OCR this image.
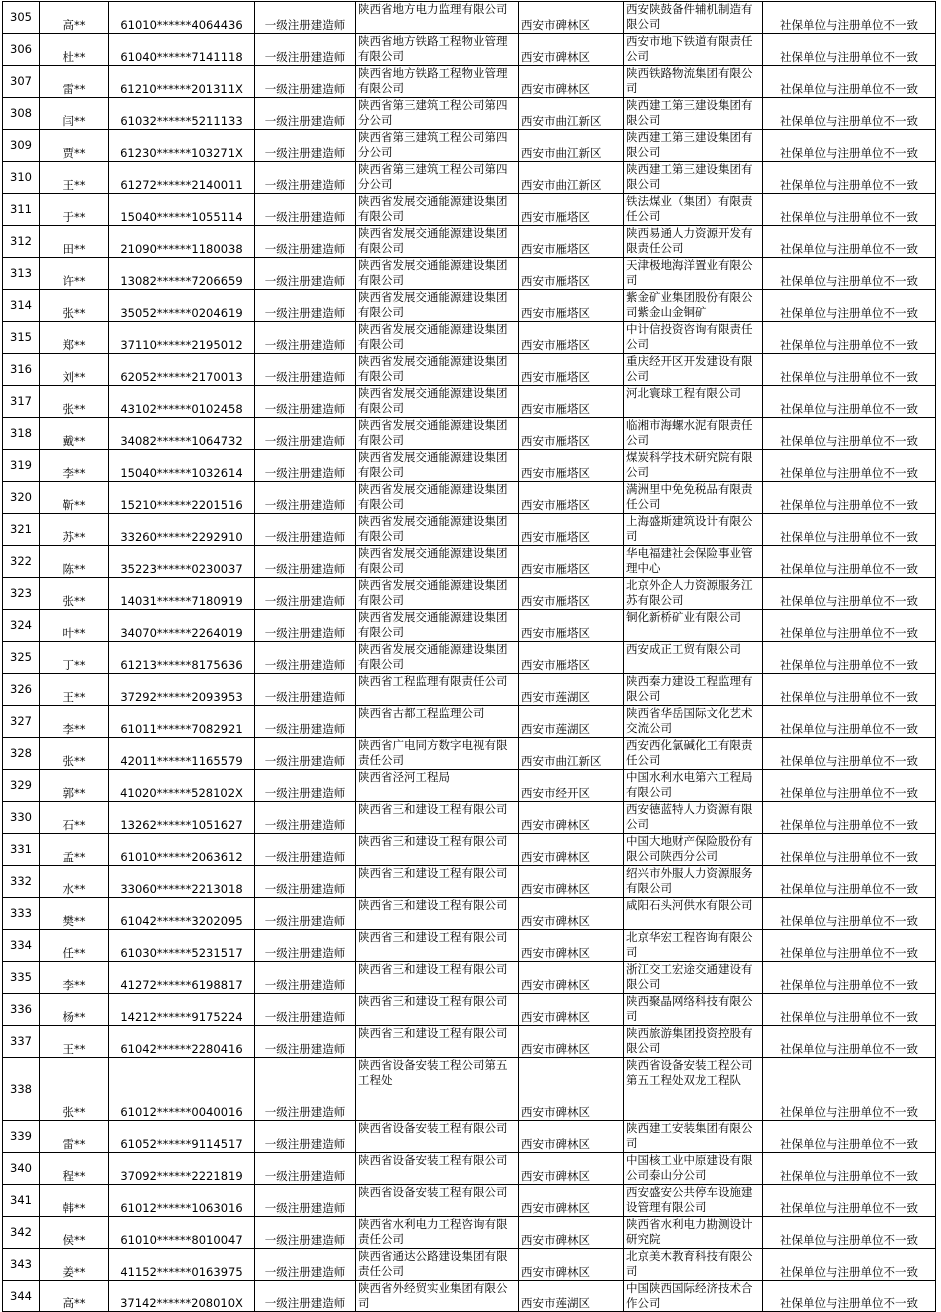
305	高**	61010******4064436	一级注册建造师	陕西省地方电力监理有限公司	西安市碑林区	西安陕鼓备件辅机制造有限公司	社保单位与注册单位不一致
306	杜**	61040******7141118	一级注册建造师	陕西省地方铁路工程物业管理有限公司	西安市碑林区	西安市地下铁道有限责任公司	社保单位与注册单位不一致
307	雷**	61210******201311X	一级注册建造师	陕西省地方铁路工程物业管理有限公司	西安市碑林区	陕西铁路物流集团有限公司	社保单位与注册单位不一致
308	闫**	61032******5211133	一级注册建造师	陕西省第三建筑工程公司第四分公司	西安市曲江新区	陕西建工第三建设集团有限公司	社保单位与注册单位不一致
309	贾**	61230******103271X	一级注册建造师	陕西省第三建筑工程公司第四分公司	西安市曲江新区	陕西建工第三建设集团有限公司	社保单位与注册单位不一致
310	王**	61272******2140011	一级注册建造师	陕西省第三建筑工程公司第四分公司	西安市曲江新区	陕西建工第三建设集团有限公司	社保单位与注册单位不一致
311	于**	15040******1055114	一级注册建造师	陕西省发展交通能源建设集团有限公司	西安市雁塔区	铁法煤业（集团）有限责任公司	社保单位与注册单位不一致
312	田**	21090******1180038	一级注册建造师	陕西省发展交通能源建设集团有限公司	西安市雁塔区	陕西易通人力资源开发有限责任公司	社保单位与注册单位不一致
313	许**	13082******7206659	一级注册建造师	陕西省发展交通能源建设集团有限公司	西安市雁塔区	天津极地海洋置业有限公司	社保单位与注册单位不一致
314	张**	35052******0204619	一级注册建造师	陕西省发展交通能源建设集团有限公司	西安市雁塔区	紫金矿业集团股份有限公司紫金山金铜矿	社保单位与注册单位不一致
315	郑**	37110******2195012	一级注册建造师	陕西省发展交通能源建设集团有限公司	西安市雁塔区	中计信投资咨询有限责任公司	社保单位与注册单位不一致
316	刘**	62052******2170013	一级注册建造师	陕西省发展交通能源建设集团有限公司	西安市雁塔区	重庆经开区开发建设有限公司	社保单位与注册单位不一致
317	张**	43102******0102458	一级注册建造师	陕西省发展交通能源建设集团有限公司	西安市雁塔区	河北寰球工程有限公司	社保单位与注册单位不一致
318	戴**	34082******1064732	一级注册建造师	陕西省发展交通能源建设集团有限公司	西安市雁塔区	临湘市海螺水泥有限责任公司	社保单位与注册单位不一致
319	李**	15040******1032614	一级注册建造师	陕西省发展交通能源建设集团有限公司	西安市雁塔区	煤炭科学技术研究院有限公司	社保单位与注册单位不一致
320	靳**	15210******2201516	一级注册建造师	陕西省发展交通能源建设集团有限公司	西安市雁塔区	满洲里中免免税品有限责任公司	社保单位与注册单位不一致
321	苏**	33260******2292910	一级注册建造师	陕西省发展交通能源建设集团有限公司	西安市雁塔区	上海盛斯建筑设计有限公司	社保单位与注册单位不一致
322	陈**	35223******0230037	一级注册建造师	陕西省发展交通能源建设集团有限公司	西安市雁塔区	华电福建社会保险事业管理中心	社保单位与注册单位不一致
323	张**	14031******7180919	一级注册建造师	陕西省发展交通能源建设集团有限公司	西安市雁塔区	北京外企人力资源服务江苏有限公司	社保单位与注册单位不一致
324	叶**	34070******2264019	一级注册建造师	陕西省发展交通能源建设集团有限公司	西安市雁塔区	铜化新桥矿业有限公司	社保单位与注册单位不一致
325	丁**	61213******8175636	一级注册建造师	陕西省发展交通能源建设集团有限公司	西安市雁塔区	西安成正工贸有限公司	社保单位与注册单位不一致
326	王**	37292******2093953	一级注册建造师	陕西省工程监理有限责任公司	西安市莲湖区	陕西秦力建设工程监理有限公司	社保单位与注册单位不一致
327	李**	61011******7082921	一级注册建造师	陕西省古都工程监理公司	西安市莲湖区	陕西省华岳国际文化艺术交流公司	社保单位与注册单位不一致
328	张**	42011******1165579	一级注册建造师	陕西省广电同方数字电视有限责任公司	西安市曲江新区	西安西化氯碱化工有限责任公司	社保单位与注册单位不一致
329	郭**	41020******528102X	一级注册建造师	陕西省泾河工程局	西安市经开区	中国水利水电第六工程局有限公司	社保单位与注册单位不一致
330	石**	13262******1051627	一级注册建造师	陕西省三和建设工程有限公司	西安市碑林区	西安德蓝特人力资源有限公司	社保单位与注册单位不一致
331	孟**	61010******2063612	一级注册建造师	陕西省三和建设工程有限公司	西安市碑林区	中国大地财产保险股份有限公司陕西分公司	社保单位与注册单位不一致
332	水**	33060******2213018	一级注册建造师	陕西省三和建设工程有限公司	西安市碑林区	绍兴市外服人力资源服务有限公司	社保单位与注册单位不一致
333	樊**	61042******3202095	一级注册建造师	陕西省三和建设工程有限公司	西安市碑林区	咸阳石头河供水有限公司	社保单位与注册单位不一致
334	任**	61030******5231517	一级注册建造师	陕西省三和建设工程有限公司	西安市碑林区	北京华宏工程咨询有限公司	社保单位与注册单位不一致
335	李**	41272******6198817	一级注册建造师	陕西省三和建设工程有限公司	西安市碑林区	浙江交工宏途交通建设有限公司	社保单位与注册单位不一致
336	杨**	14212******9175224	一级注册建造师	陕西省三和建设工程有限公司	西安市碑林区	陕西聚晶网络科技有限公司	社保单位与注册单位不一致
337	王**	61042******2280416	一级注册建造师	陕西省三和建设工程有限公司	西安市碑林区	陕西旅游集团投资控股有限公司	社保单位与注册单位不一致
338	张**	61012******0040016	一级注册建造师	陕西省设备安装工程公司第五工程处	西安市碑林区	陕西省设备安装工程公司第五工程处双龙工程队	社保单位与注册单位不一致
339	雷**	61052******9114517	一级注册建造师	陕西省设备安装工程有限公司	西安市碑林区	陕西建工安装集团有限公司	社保单位与注册单位不一致
340	程**	37092******2221819	一级注册建造师	陕西省设备安装工程有限公司	西安市碑林区	中国核工业中原建设有限公司泰山分公司	社保单位与注册单位不一致
341	韩**	61012******1063016	一级注册建造师	陕西省设备安装工程有限公司	西安市碑林区	西安盛安公共停车设施建设管理有限公司	社保单位与注册单位不一致
342	侯**	61010******8010047	一级注册建造师	陕西省水利电力工程咨询有限责任公司	西安市碑林区	陕西省水利电力勘测设计研究院	社保单位与注册单位不一致
343	姜**	41152******0163975	一级注册建造师	陕西省通达公路建设集团有限责任公司	西安市碑林区	北京美木教育科技有限公司	社保单位与注册单位不一致
344	高**	37142******208010X	一级注册建造师	陕西省外经贸实业集团有限公司	西安市莲湖区	中国陕西国际经济技术合作公司	社保单位与注册单位不一致
